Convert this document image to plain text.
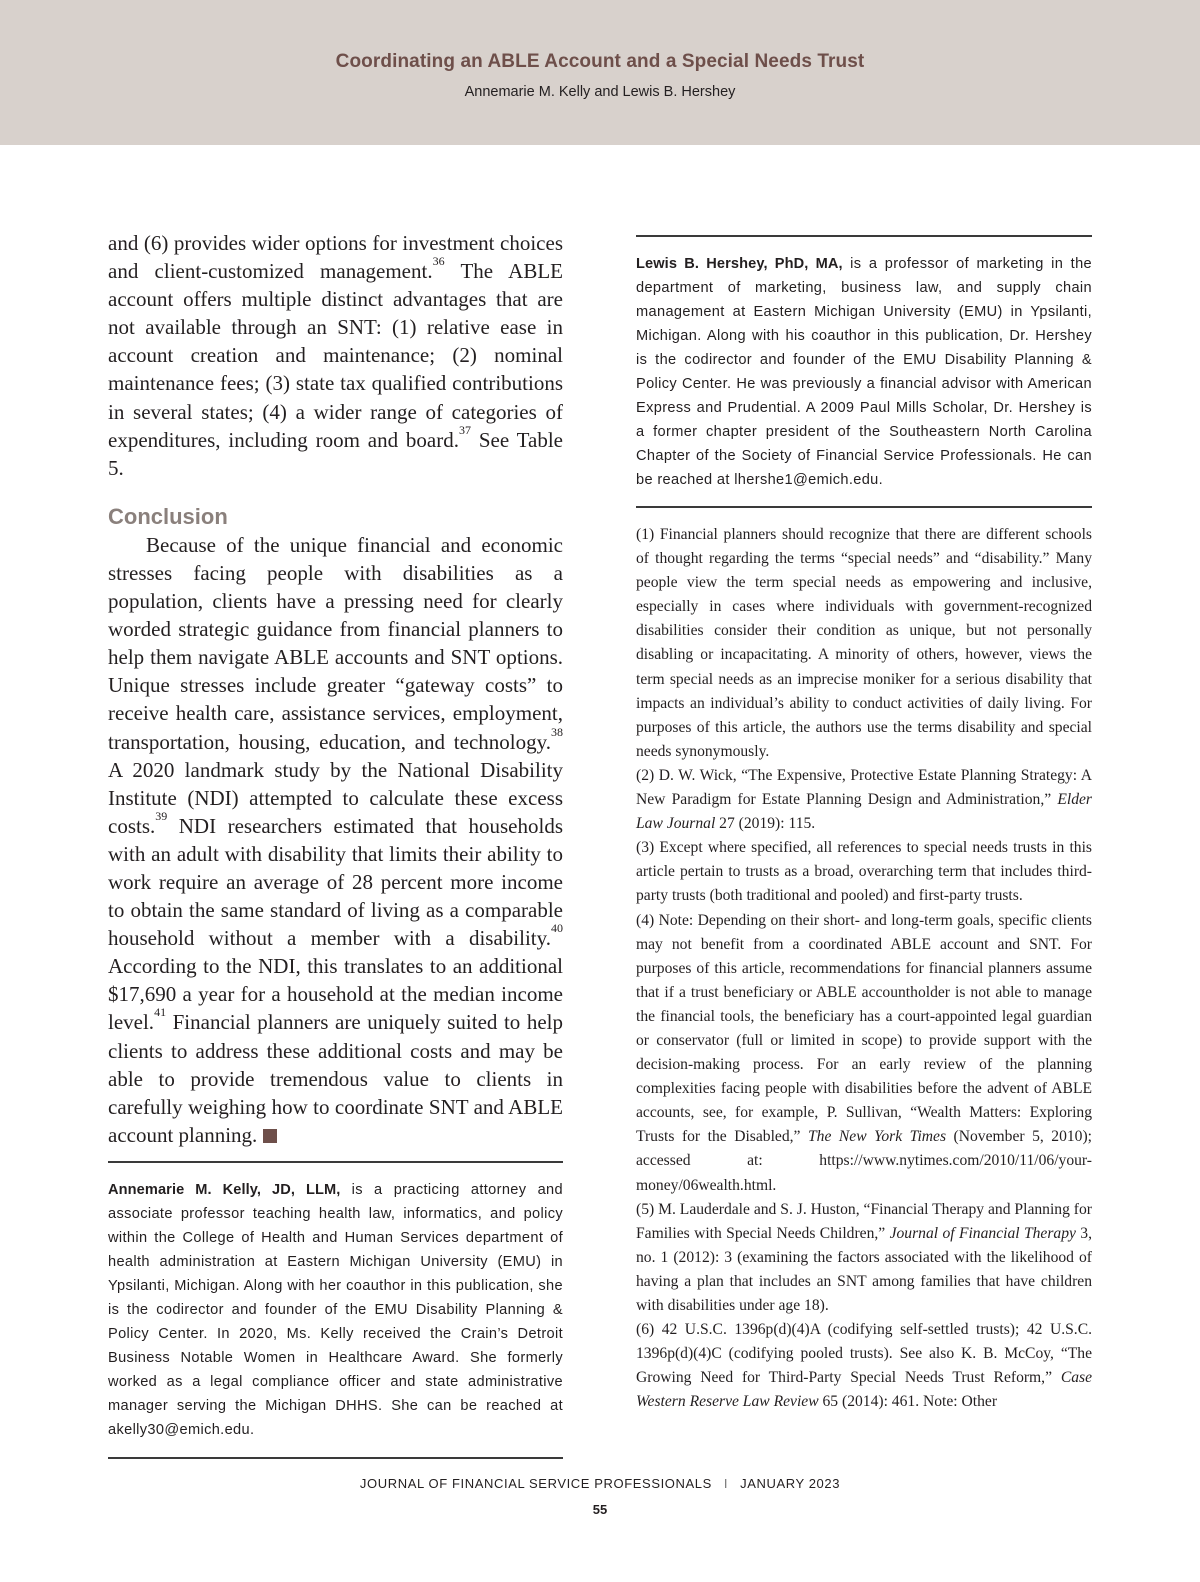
Coordinating an ABLE Account and a Special Needs Trust
Annemarie M. Kelly and Lewis B. Hershey

and (6) provides wider options for investment choices and client-customized management.$^{36}$ The ABLE account offers multiple distinct advantages that are not available through an SNT: (1) relative ease in account creation and maintenance; (2) nominal maintenance fees; (3) state tax qualified contributions in several states; (4) a wider range of categories of expenditures, including room and board.$^{37}$ See Table 5.

Conclusion

Because of the unique financial and economic stresses facing people with disabilities as a population, clients have a pressing need for clearly worded strategic guidance from financial planners to help them navigate ABLE accounts and SNT options. Unique stresses include greater “gateway costs” to receive health care, assistance services, employment, transportation, housing, education, and technology.$^{38}$ A 2020 landmark study by the National Disability Institute (NDI) attempted to calculate these excess costs.$^{39}$ NDI researchers estimated that households with an adult with disability that limits their ability to work require an average of 28 percent more income to obtain the same standard of living as a comparable household without a member with a disability.$^{40}$ According to the NDI, this translates to an additional $17,690 a year for a household at the median income level.$^{41}$ Financial planners are uniquely suited to help clients to address these additional costs and may be able to provide tremendous value to clients in carefully weighing how to coordinate SNT and ABLE account planning.

Annemarie M. Kelly, JD, LLM, is a practicing attorney and associate professor teaching health law, informatics, and policy within the College of Health and Human Services department of health administration at Eastern Michigan University (EMU) in Ypsilanti, Michigan. Along with her coauthor in this publication, she is the codirector and founder of the EMU Disability Planning & Policy Center. In 2020, Ms. Kelly received the Crain’s Detroit Business Notable Women in Healthcare Award. She formerly worked as a legal compliance officer and state administrative manager serving the Michigan DHHS. She can be reached at akelly30@emich.edu.
Lewis B. Hershey, PhD, MA, is a professor of marketing in the department of marketing, business law, and supply chain management at Eastern Michigan University (EMU) in Ypsilanti, Michigan. Along with his coauthor in this publication, Dr. Hershey is the codirector and founder of the EMU Disability Planning & Policy Center. He was previously a financial advisor with American Express and Prudential. A 2009 Paul Mills Scholar, Dr. Hershey is a former chapter president of the Southeastern North Carolina Chapter of the Society of Financial Service Professionals. He can be reached at lhershe1@emich.edu.

(1) Financial planners should recognize that there are different schools of thought regarding the terms “special needs” and “disability.” Many people view the term special needs as empowering and inclusive, especially in cases where individuals with government-recognized disabilities consider their condition as unique, but not personally disabling or incapacitating. A minority of others, however, views the term special needs as an imprecise moniker for a serious disability that impacts an individual’s ability to conduct activities of daily living. For purposes of this article, the authors use the terms disability and special needs synonymously.

(2) D. W. Wick, “The Expensive, Protective Estate Planning Strategy: A New Paradigm for Estate Planning Design and Administration,” Elder Law Journal 27 (2019): 115.

(3) Except where specified, all references to special needs trusts in this article pertain to trusts as a broad, overarching term that includes third-party trusts (both traditional and pooled) and first-party trusts.

(4) Note: Depending on their short- and long-term goals, specific clients may not benefit from a coordinated ABLE account and SNT. For purposes of this article, recommendations for financial planners assume that if a trust beneficiary or ABLE accountholder is not able to manage the financial tools, the beneficiary has a court-appointed legal guardian or conservator (full or limited in scope) to provide support with the decision-making process. For an early review of the planning complexities facing people with disabilities before the advent of ABLE accounts, see, for example, P. Sullivan, “Wealth Matters: Exploring Trusts for the Disabled,” The New York Times (November 5, 2010); accessed at: https://www.nytimes.com/2010/11/06/your-money/06wealth.html.

(5) M. Lauderdale and S. J. Huston, “Financial Therapy and Planning for Families with Special Needs Children,” Journal of Financial Therapy 3, no. 1 (2012): 3 (examining the factors associated with the likelihood of having a plan that includes an SNT among families that have children with disabilities under age 18).

(6) 42 U.S.C. 1396p(d)(4)A (codifying self-settled trusts); 42 U.S.C. 1396p(d)(4)C (codifying pooled trusts). See also K. B. McCoy, “The Growing Need for Third-Party Special Needs Trust Reform,” Case Western Reserve Law Review 65 (2014): 461. Note: Other

JOURNAL OF FINANCIAL SERVICE PROFESSIONALS I JANUARY 2023
55
